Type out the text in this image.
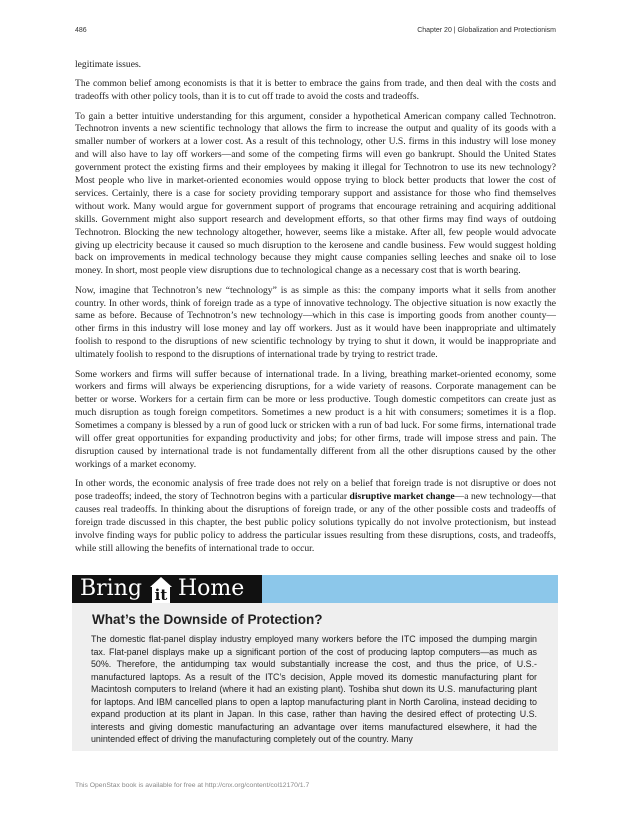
486	Chapter 20 | Globalization and Protectionism

legitimate issues.

The common belief among economists is that it is better to embrace the gains from trade, and then deal with the costs and tradeoffs with other policy tools, than it is to cut off trade to avoid the costs and tradeoffs.

To gain a better intuitive understanding for this argument, consider a hypothetical American company called Technotron. Technotron invents a new scientific technology that allows the firm to increase the output and quality of its goods with a smaller number of workers at a lower cost. As a result of this technology, other U.S. firms in this industry will lose money and will also have to lay off workers—and some of the competing firms will even go bankrupt. Should the United States government protect the existing firms and their employees by making it illegal for Technotron to use its new technology? Most people who live in market-oriented economies would oppose trying to block better products that lower the cost of services. Certainly, there is a case for society providing temporary support and assistance for those who find themselves without work. Many would argue for government support of programs that encourage retraining and acquiring additional skills. Government might also support research and development efforts, so that other firms may find ways of outdoing Technotron. Blocking the new technology altogether, however, seems like a mistake. After all, few people would advocate giving up electricity because it caused so much disruption to the kerosene and candle business. Few would suggest holding back on improvements in medical technology because they might cause companies selling leeches and snake oil to lose money. In short, most people view disruptions due to technological change as a necessary cost that is worth bearing.

Now, imagine that Technotron’s new “technology” is as simple as this: the company imports what it sells from another country. In other words, think of foreign trade as a type of innovative technology. The objective situation is now exactly the same as before. Because of Technotron’s new technology—which in this case is importing goods from another county—other firms in this industry will lose money and lay off workers. Just as it would have been inappropriate and ultimately foolish to respond to the disruptions of new scientific technology by trying to shut it down, it would be inappropriate and ultimately foolish to respond to the disruptions of international trade by trying to restrict trade.

Some workers and firms will suffer because of international trade. In a living, breathing market-oriented economy, some workers and firms will always be experiencing disruptions, for a wide variety of reasons. Corporate management can be better or worse. Workers for a certain firm can be more or less productive. Tough domestic competitors can create just as much disruption as tough foreign competitors. Sometimes a new product is a hit with consumers; sometimes it is a flop. Sometimes a company is blessed by a run of good luck or stricken with a run of bad luck. For some firms, international trade will offer great opportunities for expanding productivity and jobs; for other firms, trade will impose stress and pain. The disruption caused by international trade is not fundamentally different from all the other disruptions caused by the other workings of a market economy.

In other words, the economic analysis of free trade does not rely on a belief that foreign trade is not disruptive or does not pose tradeoffs; indeed, the story of Technotron begins with a particular disruptive market change—a new technology—that causes real tradeoffs. In thinking about the disruptions of foreign trade, or any of the other possible costs and tradeoffs of foreign trade discussed in this chapter, the best public policy solutions typically do not involve protectionism, but instead involve finding ways for public policy to address the particular issues resulting from these disruptions, costs, and tradeoffs, while still allowing the benefits of international trade to occur.

Bring it Home
What’s the Downside of Protection?
The domestic flat-panel display industry employed many workers before the ITC imposed the dumping margin tax. Flat-panel displays make up a significant portion of the cost of producing laptop computers—as much as 50%. Therefore, the antidumping tax would substantially increase the cost, and thus the price, of U.S.-manufactured laptops. As a result of the ITC’s decision, Apple moved its domestic manufacturing plant for Macintosh computers to Ireland (where it had an existing plant). Toshiba shut down its U.S. manufacturing plant for laptops. And IBM cancelled plans to open a laptop manufacturing plant in North Carolina, instead deciding to expand production at its plant in Japan. In this case, rather than having the desired effect of protecting U.S. interests and giving domestic manufacturing an advantage over items manufactured elsewhere, it had the unintended effect of driving the manufacturing completely out of the country. Many
This OpenStax book is available for free at http://cnx.org/content/col12170/1.7
